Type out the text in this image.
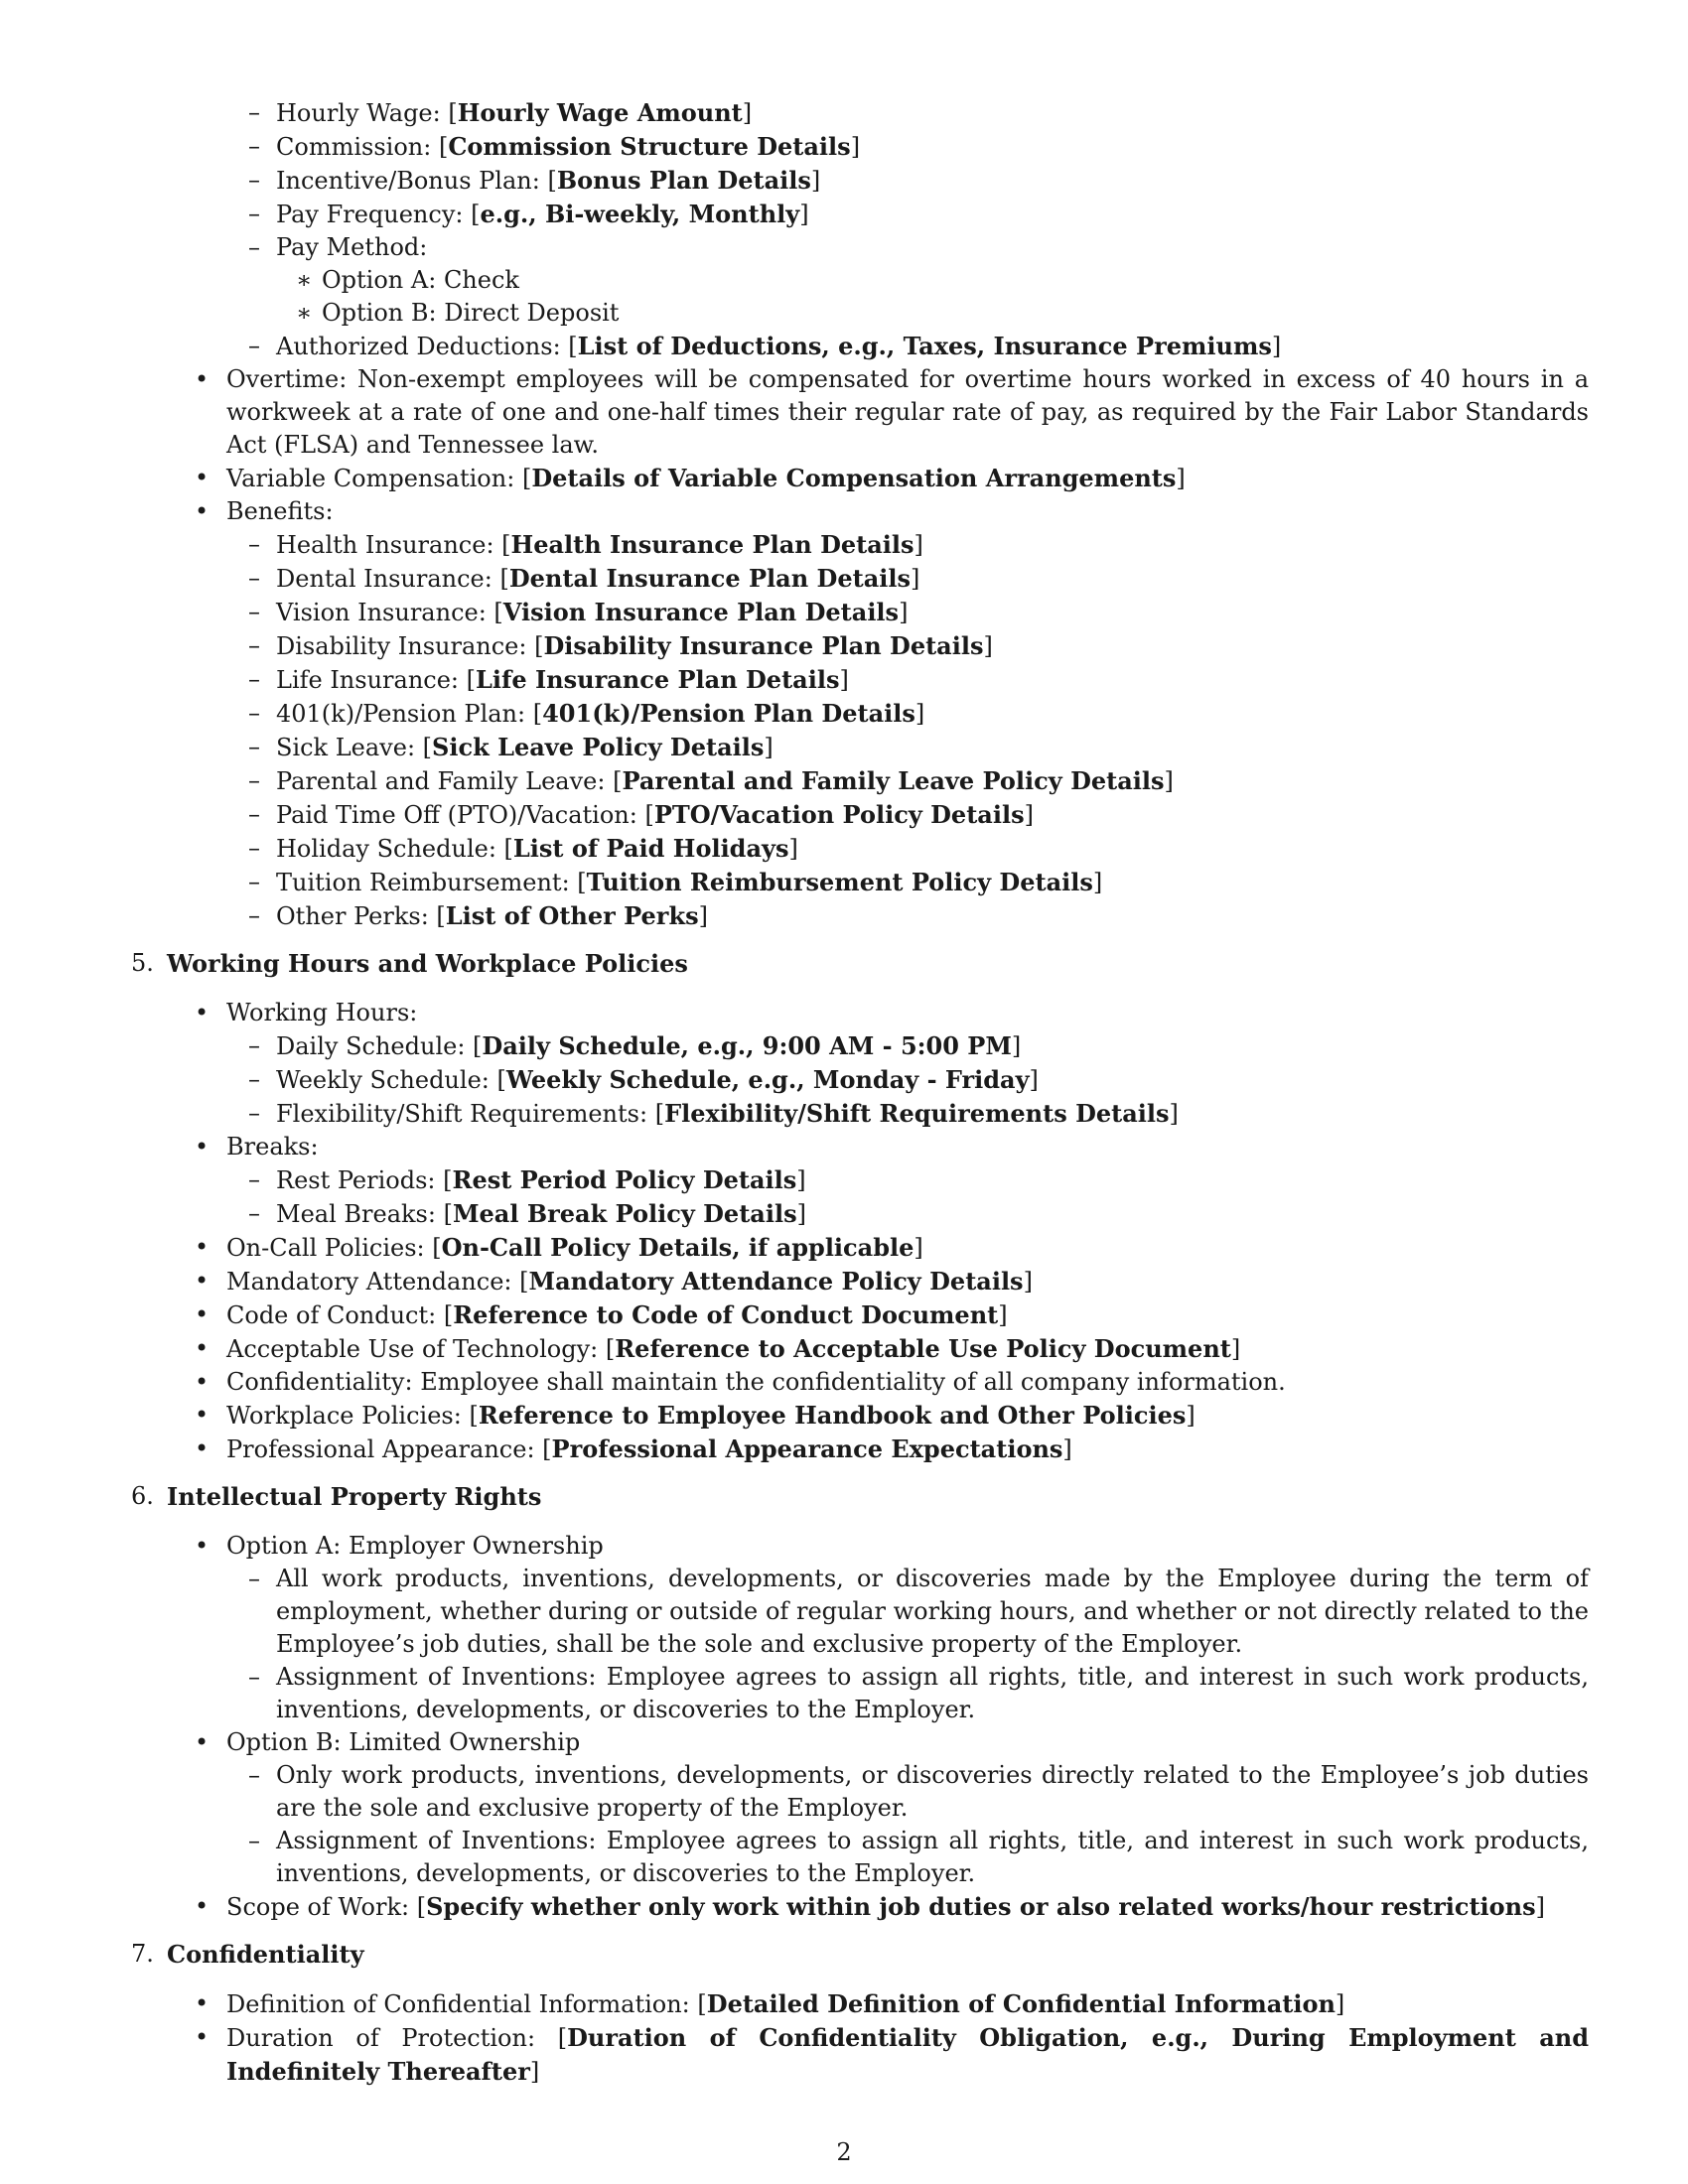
– Hourly Wage: [Hourly Wage Amount]
– Commission: [Commission Structure Details]
– Incentive/Bonus Plan: [Bonus Plan Details]
– Pay Frequency: [e.g., Bi-weekly, Monthly]
– Pay Method:
∗ Option A: Check
∗ Option B: Direct Deposit
– Authorized Deductions: [List of Deductions, e.g., Taxes, Insurance Premiums]
• Overtime: Non-exempt employees will be compensated for overtime hours worked in excess of 40 hours in a workweek at a rate of one and one-half times their regular rate of pay, as required by the Fair Labor Standards Act (FLSA) and Tennessee law.
• Variable Compensation: [Details of Variable Compensation Arrangements]
• Benefits:
– Health Insurance: [Health Insurance Plan Details]
– Dental Insurance: [Dental Insurance Plan Details]
– Vision Insurance: [Vision Insurance Plan Details]
– Disability Insurance: [Disability Insurance Plan Details]
– Life Insurance: [Life Insurance Plan Details]
– 401(k)/Pension Plan: [401(k)/Pension Plan Details]
– Sick Leave: [Sick Leave Policy Details]
– Parental and Family Leave: [Parental and Family Leave Policy Details]
– Paid Time Off (PTO)/Vacation: [PTO/Vacation Policy Details]
– Holiday Schedule: [List of Paid Holidays]
– Tuition Reimbursement: [Tuition Reimbursement Policy Details]
– Other Perks: [List of Other Perks]
5. Working Hours and Workplace Policies
• Working Hours:
– Daily Schedule: [Daily Schedule, e.g., 9:00 AM - 5:00 PM]
– Weekly Schedule: [Weekly Schedule, e.g., Monday - Friday]
– Flexibility/Shift Requirements: [Flexibility/Shift Requirements Details]
• Breaks:
– Rest Periods: [Rest Period Policy Details]
– Meal Breaks: [Meal Break Policy Details]
• On-Call Policies: [On-Call Policy Details, if applicable]
• Mandatory Attendance: [Mandatory Attendance Policy Details]
• Code of Conduct: [Reference to Code of Conduct Document]
• Acceptable Use of Technology: [Reference to Acceptable Use Policy Document]
• Confidentiality: Employee shall maintain the confidentiality of all company information.
• Workplace Policies: [Reference to Employee Handbook and Other Policies]
• Professional Appearance: [Professional Appearance Expectations]
6. Intellectual Property Rights
• Option A: Employer Ownership
– All work products, inventions, developments, or discoveries made by the Employee during the term of employment, whether during or outside of regular working hours, and whether or not directly related to the Employee’s job duties, shall be the sole and exclusive property of the Employer.
– Assignment of Inventions: Employee agrees to assign all rights, title, and interest in such work products, inventions, developments, or discoveries to the Employer.
• Option B: Limited Ownership
– Only work products, inventions, developments, or discoveries directly related to the Employee’s job duties are the sole and exclusive property of the Employer.
– Assignment of Inventions: Employee agrees to assign all rights, title, and interest in such work products, inventions, developments, or discoveries to the Employer.
• Scope of Work: [Specify whether only work within job duties or also related works/hour restrictions]
7. Confidentiality
• Definition of Confidential Information: [Detailed Definition of Confidential Information]
• Duration of Protection: [Duration of Confidentiality Obligation, e.g., During Employment and Indefinitely Thereafter]
2
